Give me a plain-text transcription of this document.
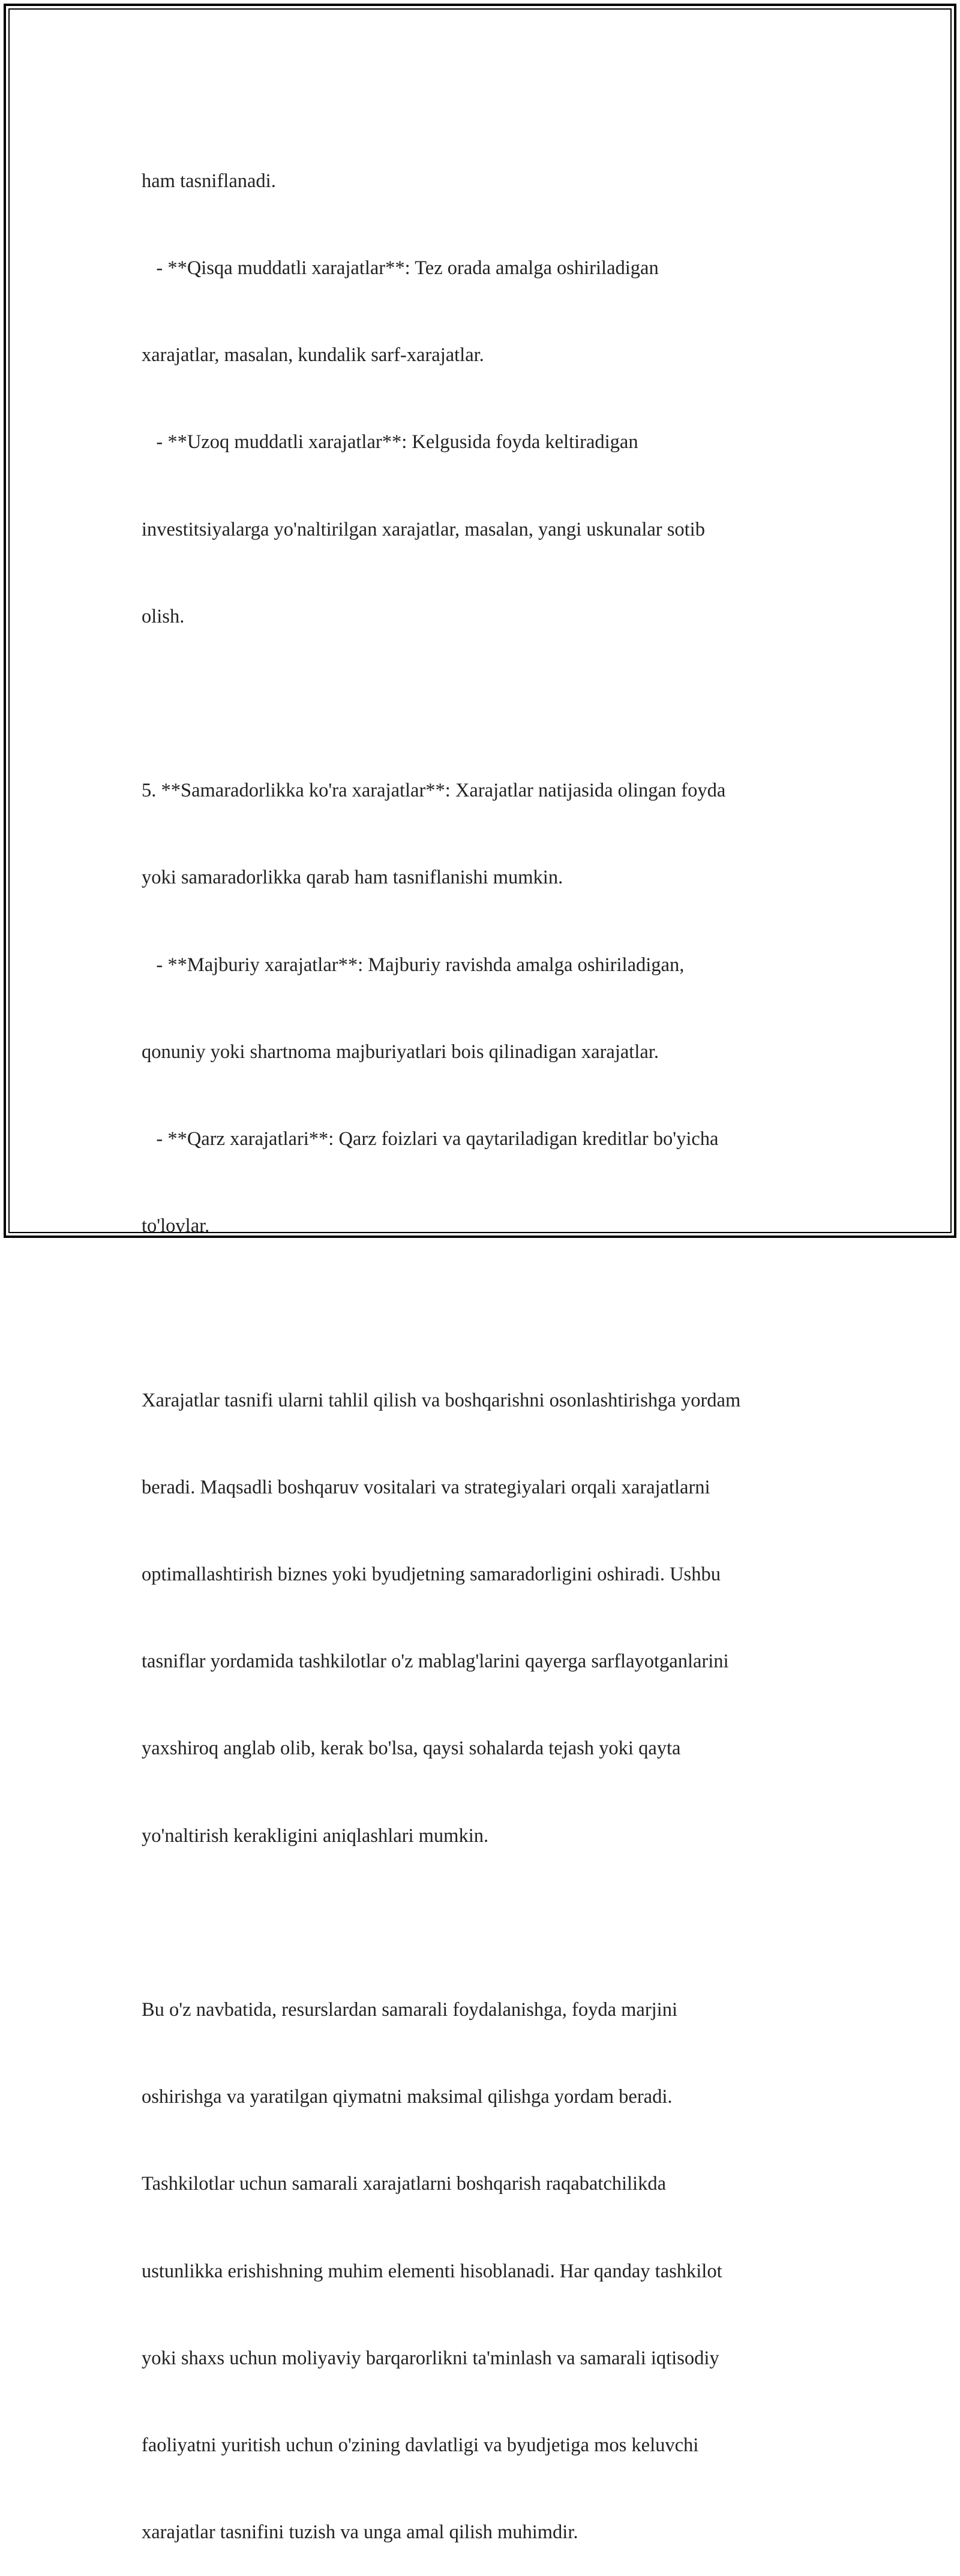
ham tasniflanadi.

- **Qisqa muddatli xarajatlar**: Tez orada amalga oshiriladigan

xarajatlar, masalan, kundalik sarf-xarajatlar.

- **Uzoq muddatli xarajatlar**: Kelgusida foyda keltiradigan

investitsiyalarga yo'naltirilgan xarajatlar, masalan, yangi uskunalar sotib

olish.

5. **Samaradorlikka ko'ra xarajatlar**: Xarajatlar natijasida olingan foyda

yoki samaradorlikka qarab ham tasniflanishi mumkin.

- **Majburiy xarajatlar**: Majburiy ravishda amalga oshiriladigan,

qonuniy yoki shartnoma majburiyatlari bois qilinadigan xarajatlar.

- **Qarz xarajatlari**: Qarz foizlari va qaytariladigan kreditlar bo'yicha

to'lovlar.

Xarajatlar tasnifi ularni tahlil qilish va boshqarishni osonlashtirishga yordam

beradi. Maqsadli boshqaruv vositalari va strategiyalari orqali xarajatlarni

optimallashtirish biznes yoki byudjetning samaradorligini oshiradi. Ushbu

tasniflar yordamida tashkilotlar o'z mablag'larini qayerga sarflayotganlarini

yaxshiroq anglab olib, kerak bo'lsa, qaysi sohalarda tejash yoki qayta

yo'naltirish kerakligini aniqlashlari mumkin.

Bu o'z navbatida, resurslardan samarali foydalanishga, foyda marjini

oshirishga va yaratilgan qiymatni maksimal qilishga yordam beradi.

Tashkilotlar uchun samarali xarajatlarni boshqarish raqabatchilikda

ustunlikka erishishning muhim elementi hisoblanadi. Har qanday tashkilot

yoki shaxs uchun moliyaviy barqarorlikni ta'minlash va samarali iqtisodiy

faoliyatni yuritish uchun o'zining davlatligi va byudjetiga mos keluvchi

xarajatlar tasnifini tuzish va unga amal qilish muhimdir.
